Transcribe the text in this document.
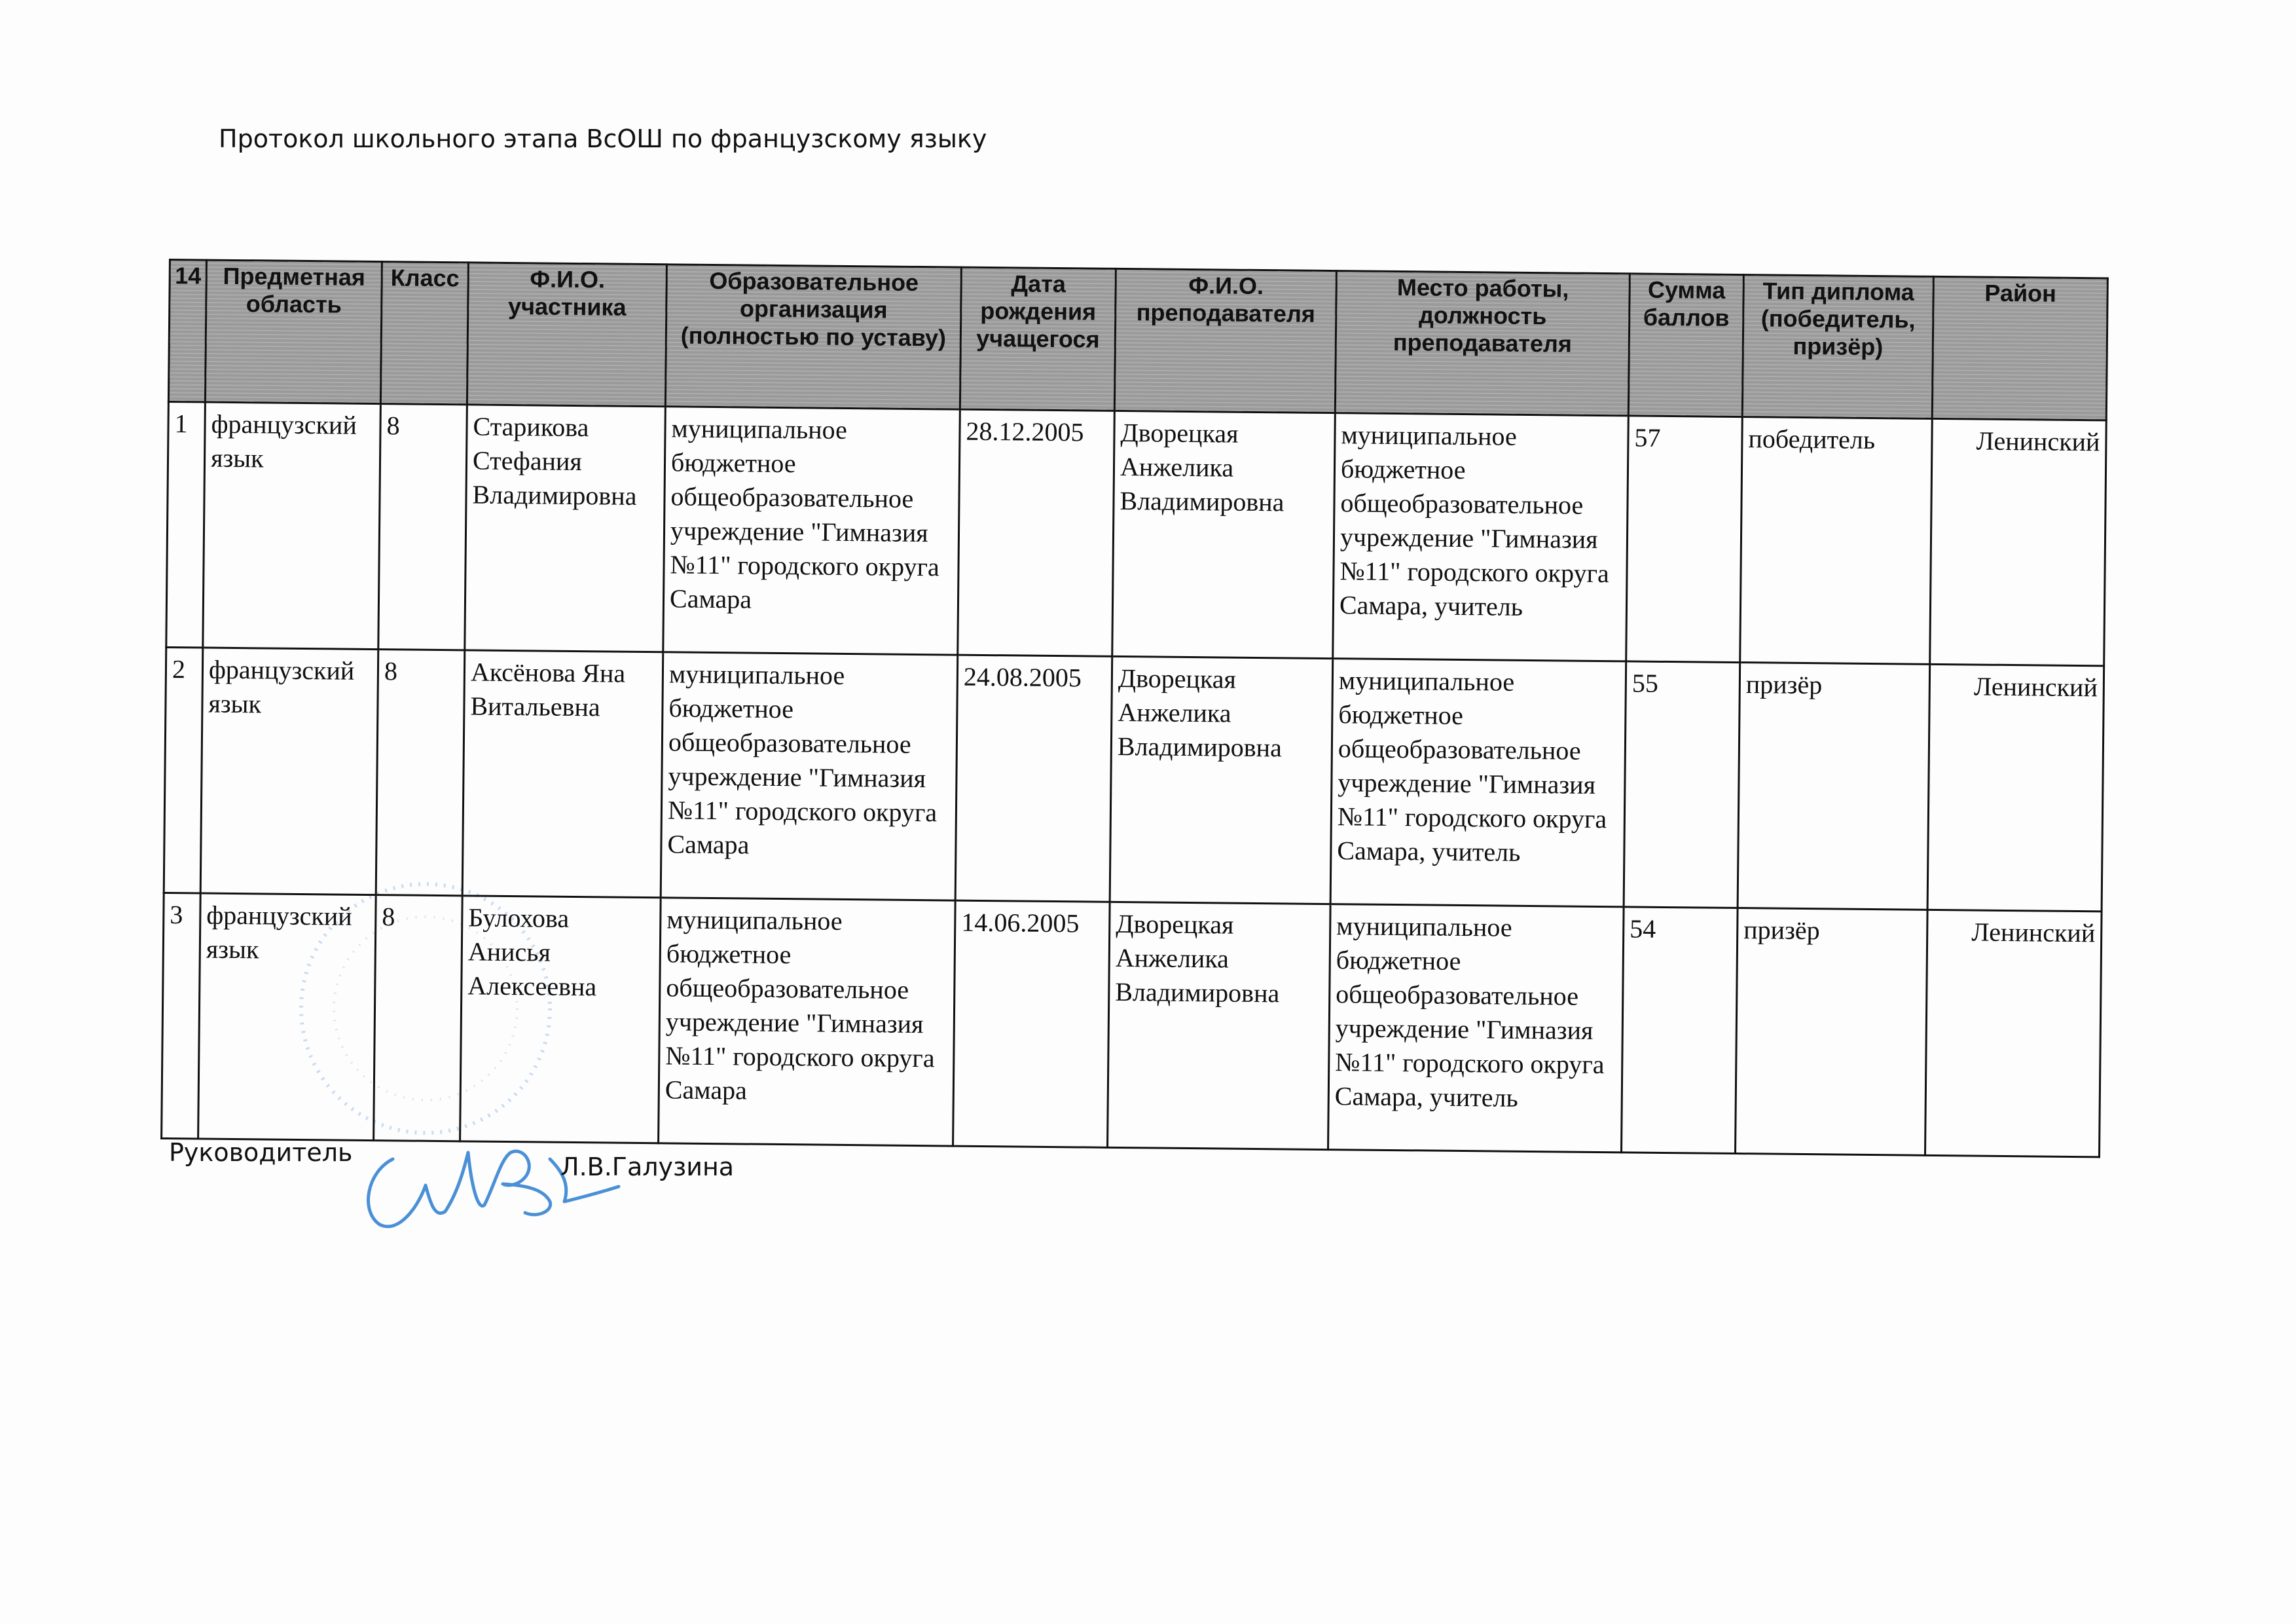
Протокол школьного этапа ВсОШ по французскому языку
14	Предметная область	Класс	Ф.И.О. участника	Образовательное организация (полностью по уставу)	Дата рождения учащегося	Ф.И.О. преподавателя	Место работы, должность преподавателя	Сумма баллов	Тип диплома (победитель, призёр)	Район
1	французский язык	8	Старикова Стефания Владимировна	муниципальное бюджетное общеобразовательное учреждение "Гимназия №11" городского округа Самара	28.12.2005	Дворецкая Анжелика Владимировна	муниципальное бюджетное общеобразовательное учреждение "Гимназия №11" городского округа Самара, учитель	57	победитель	Ленинский
2	французский язык	8	Аксёнова Яна Витальевна	муниципальное бюджетное общеобразовательное учреждение "Гимназия №11" городского округа Самара	24.08.2005	Дворецкая Анжелика Владимировна	муниципальное бюджетное общеобразовательное учреждение "Гимназия №11" городского округа Самара, учитель	55	призёр	Ленинский
3	французский язык	8	Булохова Анисья Алексеевна	муниципальное бюджетное общеобразовательное учреждение "Гимназия №11" городского округа Самара	14.06.2005	Дворецкая Анжелика Владимировна	муниципальное бюджетное общеобразовательное учреждение "Гимназия №11" городского округа Самара, учитель	54	призёр	Ленинский
Руководитель	Л.В.Галузина
